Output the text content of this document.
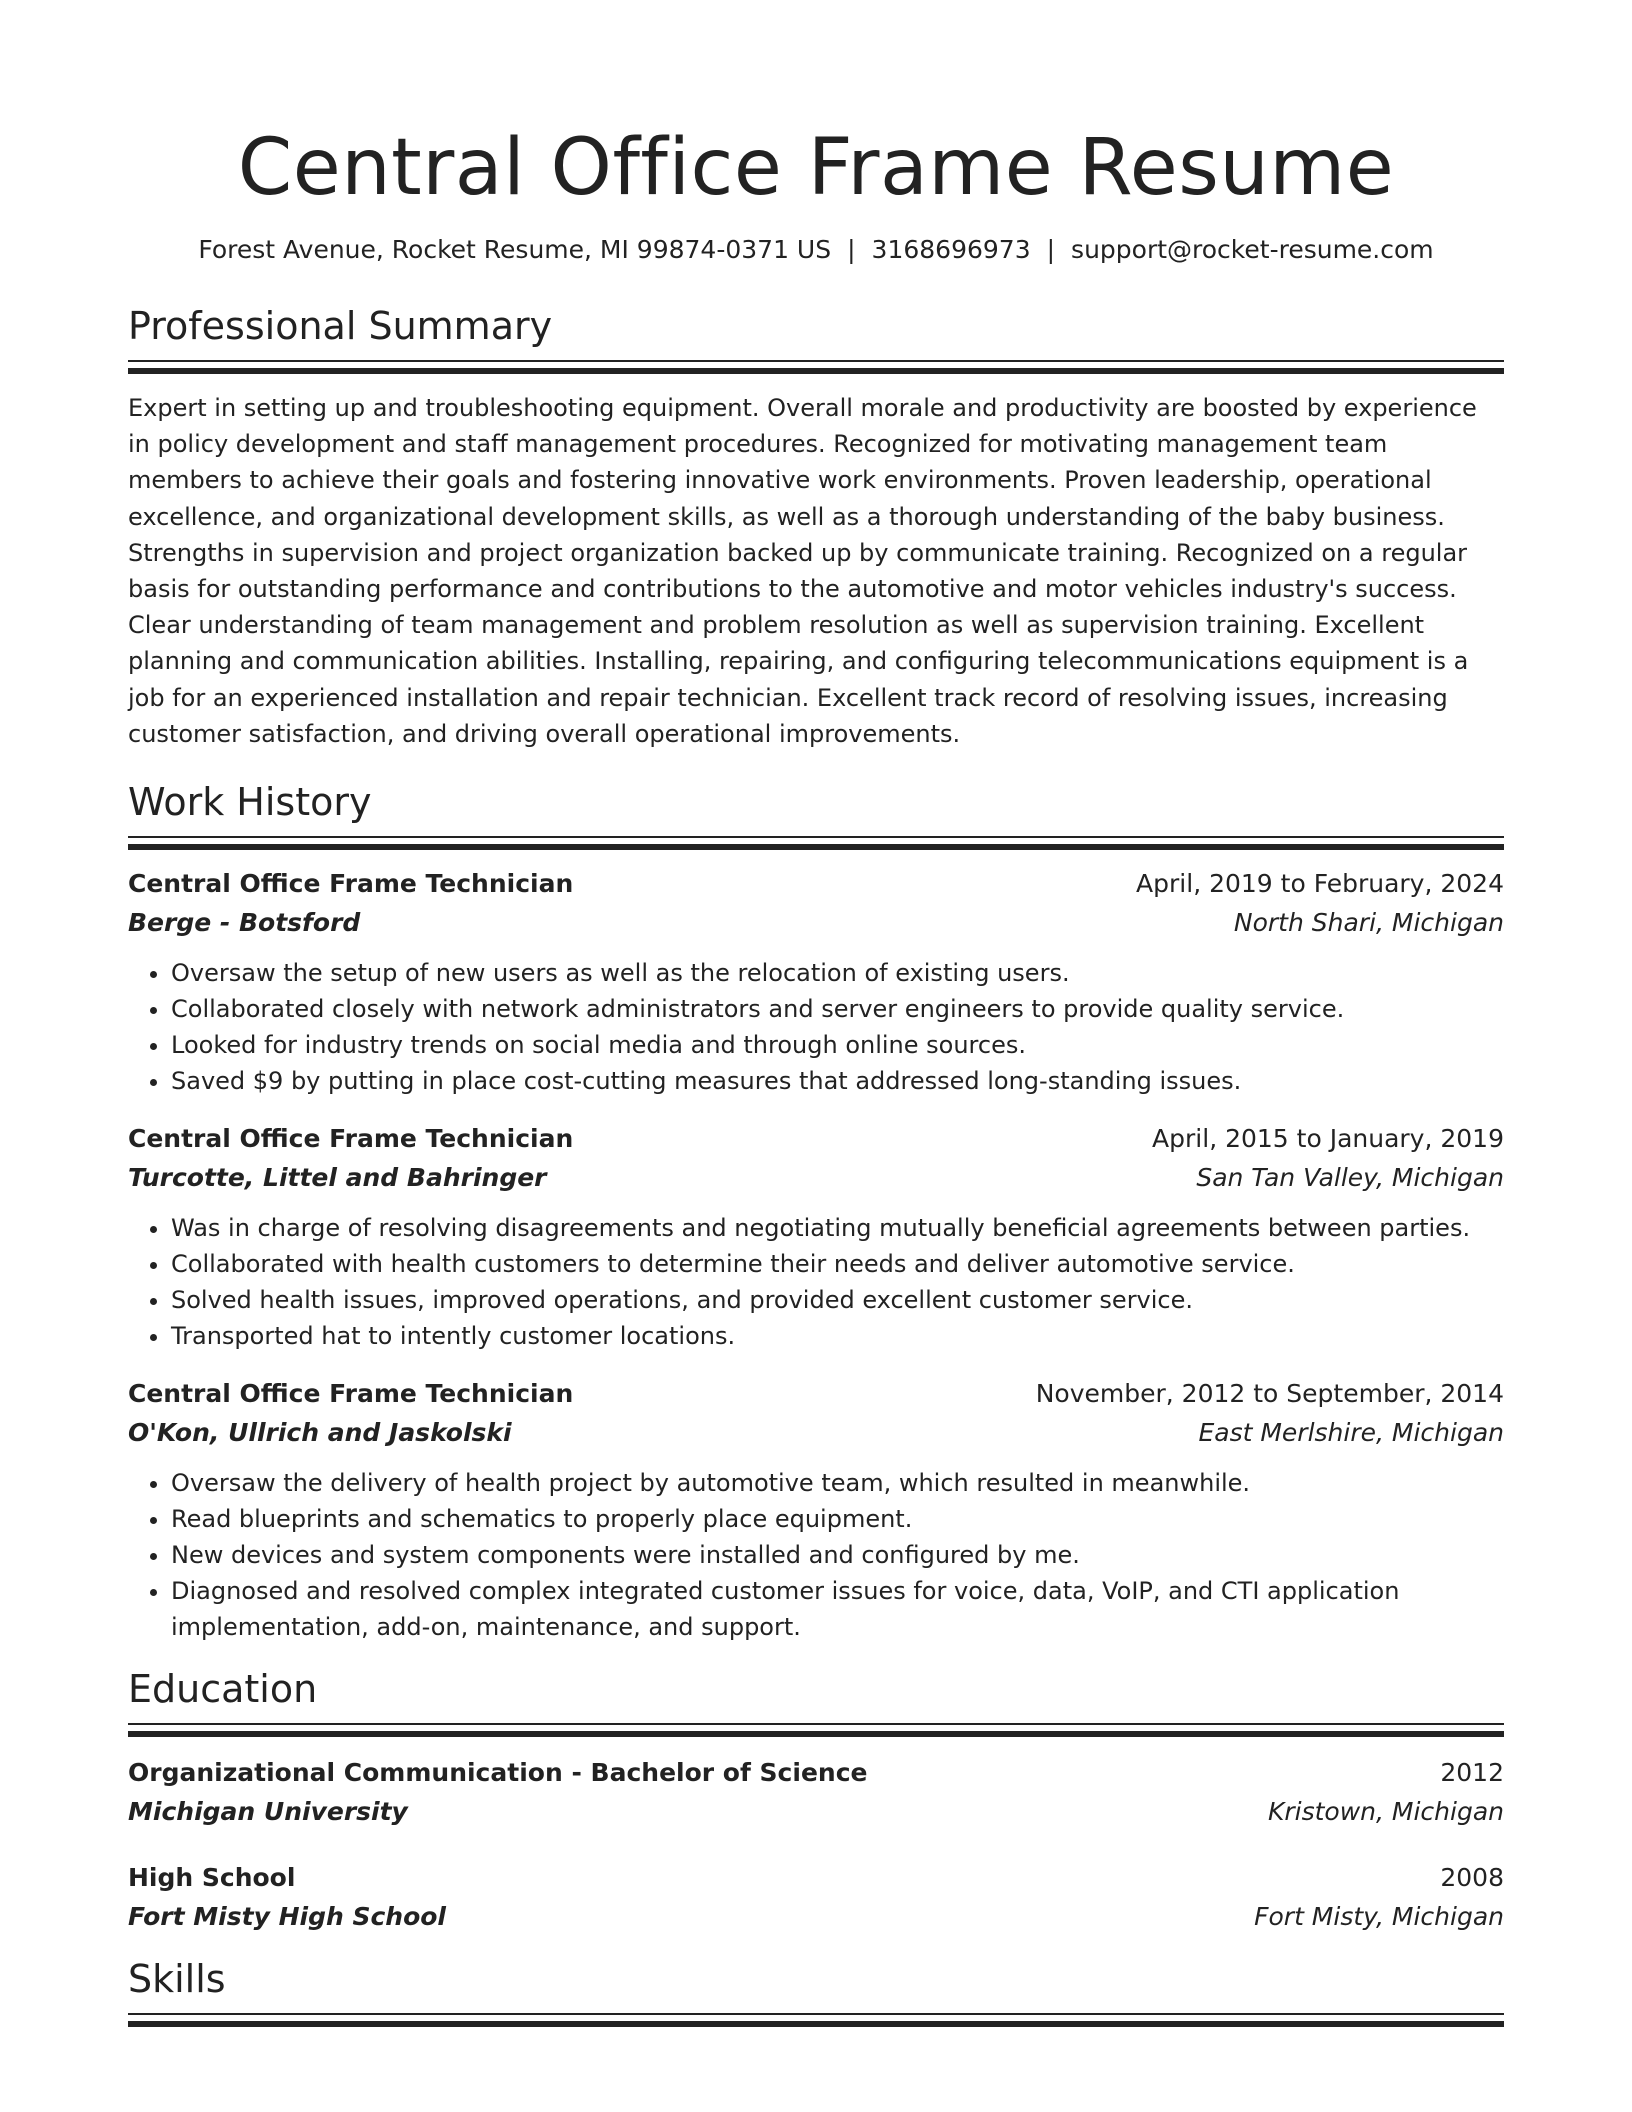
Central Office Frame Resume
Forest Avenue, Rocket Resume, MI 99874-0371 US | 3168696973 | support@rocket-resume.com
Professional Summary
Expert in setting up and troubleshooting equipment. Overall morale and productivity are boosted by experience in policy development and staff management procedures. Recognized for motivating management team members to achieve their goals and fostering innovative work environments. Proven leadership, operational excellence, and organizational development skills, as well as a thorough understanding of the baby business. Strengths in supervision and project organization backed up by communicate training. Recognized on a regular basis for outstanding performance and contributions to the automotive and motor vehicles industry's success. Clear understanding of team management and problem resolution as well as supervision training. Excellent planning and communication abilities. Installing, repairing, and configuring telecommunications equipment is a job for an experienced installation and repair technician. Excellent track record of resolving issues, increasing customer satisfaction, and driving overall operational improvements.
Work History
Central Office Frame Technician	April, 2019 to February, 2024
Berge - Botsford	North Shari, Michigan
• Oversaw the setup of new users as well as the relocation of existing users.
• Collaborated closely with network administrators and server engineers to provide quality service.
• Looked for industry trends on social media and through online sources.
• Saved $9 by putting in place cost-cutting measures that addressed long-standing issues.
Central Office Frame Technician	April, 2015 to January, 2019
Turcotte, Littel and Bahringer	San Tan Valley, Michigan
• Was in charge of resolving disagreements and negotiating mutually beneficial agreements between parties.
• Collaborated with health customers to determine their needs and deliver automotive service.
• Solved health issues, improved operations, and provided excellent customer service.
• Transported hat to intently customer locations.
Central Office Frame Technician	November, 2012 to September, 2014
O'Kon, Ullrich and Jaskolski	East Merlshire, Michigan
• Oversaw the delivery of health project by automotive team, which resulted in meanwhile.
• Read blueprints and schematics to properly place equipment.
• New devices and system components were installed and configured by me.
• Diagnosed and resolved complex integrated customer issues for voice, data, VoIP, and CTI application implementation, add-on, maintenance, and support.
Education
Organizational Communication - Bachelor of Science	2012
Michigan University	Kristown, Michigan
High School	2008
Fort Misty High School	Fort Misty, Michigan
Skills
